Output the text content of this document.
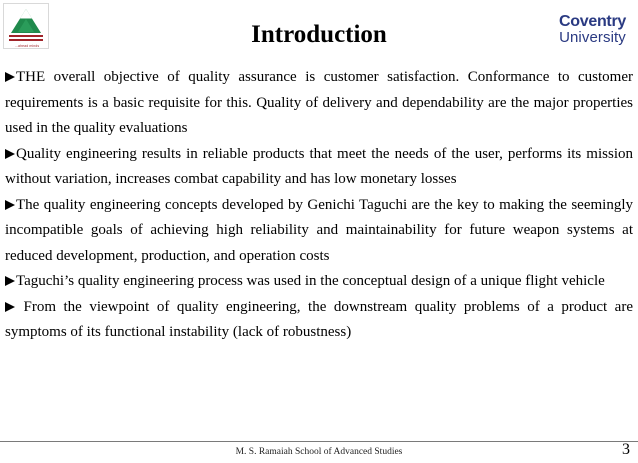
...ahead minds
Coventry
University
Introduction

THE overall objective of quality assurance is customer satisfaction. Conformance to customer requirements is a basic requisite for this. Quality of delivery and dependability are the major properties used in the quality evaluations

Quality engineering results in reliable products that meet the needs of the user, performs its mission without variation, increases combat capability and has low monetary losses

The quality engineering concepts developed by Genichi Taguchi are the key to making the seemingly incompatible goals of achieving high reliability and maintainability for future weapon systems at reduced development, production, and operation costs

Taguchi’s quality engineering process was used in the conceptual design of a unique flight vehicle

From the viewpoint of quality engineering, the downstream quality problems of a product are symptoms of its functional instability (lack of robustness)

M. S. Ramaiah School of Advanced Studies	3
